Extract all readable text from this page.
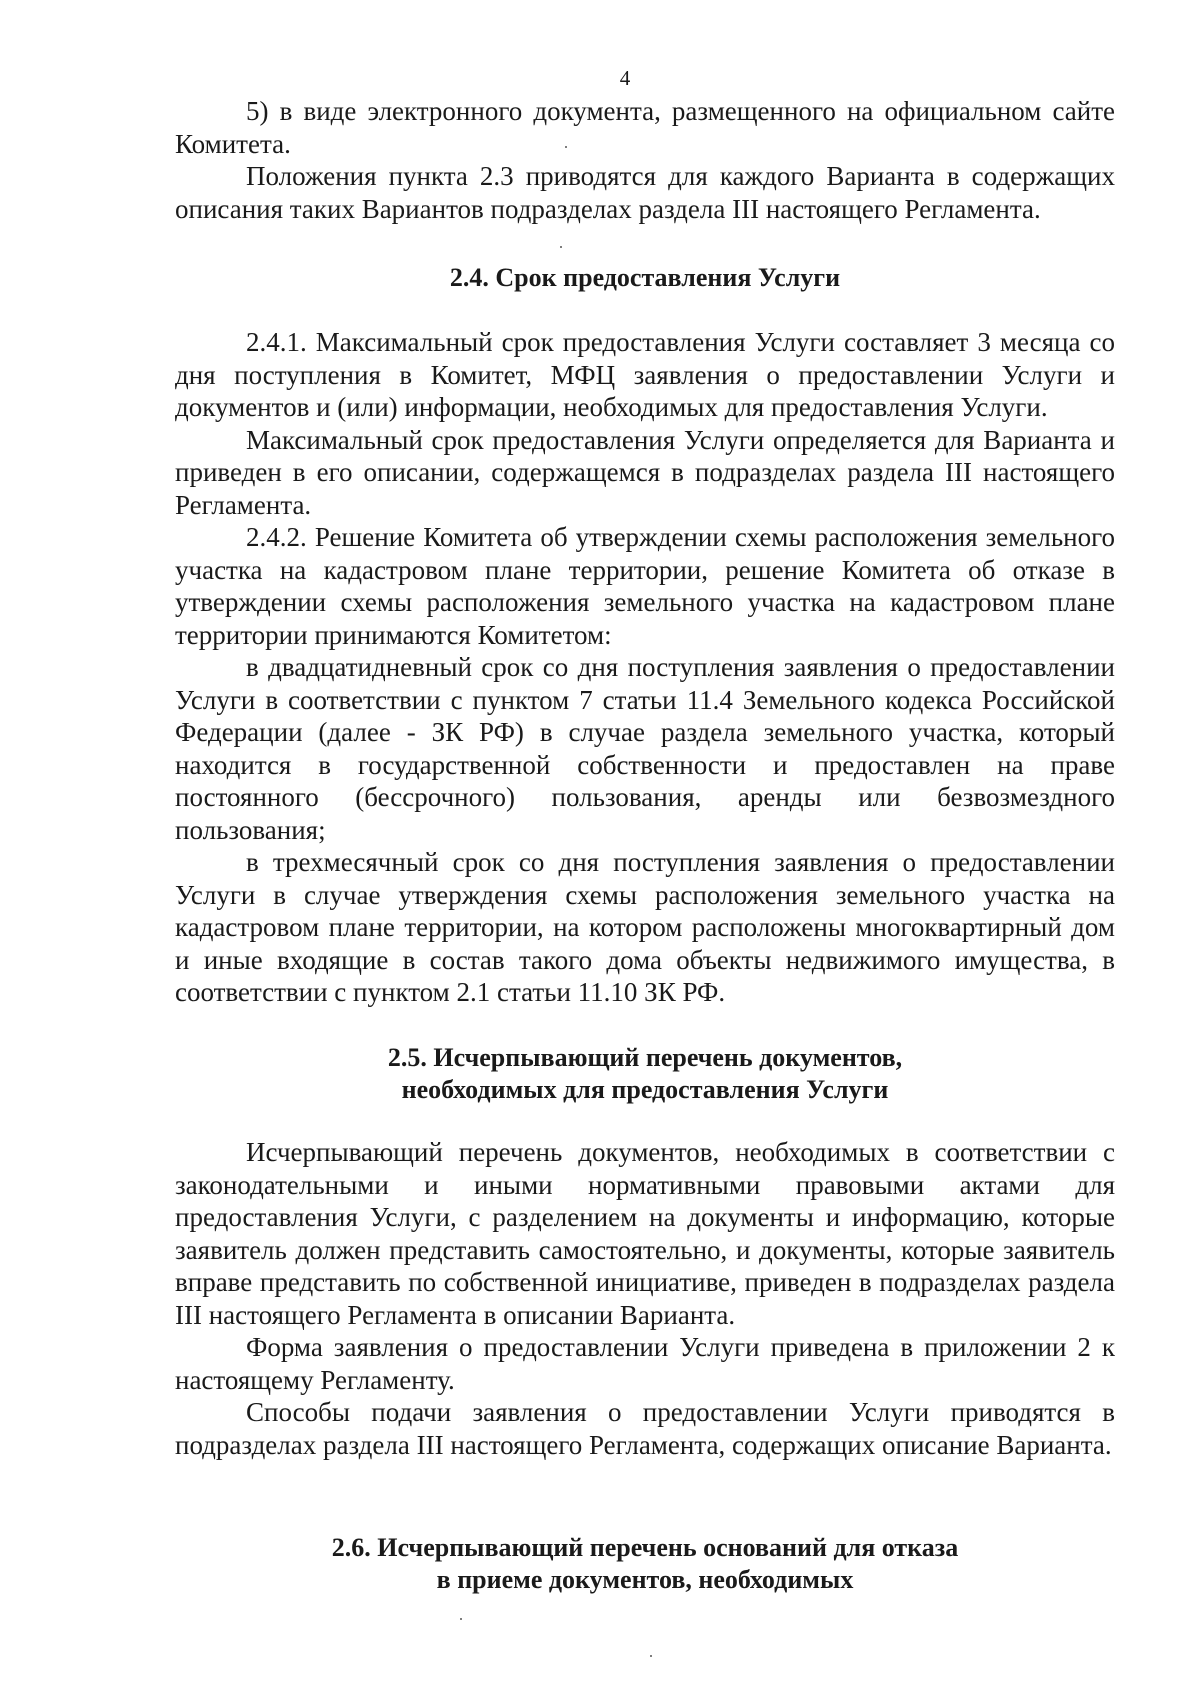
4

5) в виде электронного документа, размещенного на официальном сайте Комитета.

Положения пункта 2.3 приводятся для каждого Варианта в содержащих описания таких Вариантов подразделах раздела III настоящего Регламента.

2.4. Срок предоставления Услуги

2.4.1. Максимальный срок предоставления Услуги составляет 3 месяца со дня поступления в Комитет, МФЦ заявления о предоставлении Услуги и документов и (или) информации, необходимых для предоставления Услуги.

Максимальный срок предоставления Услуги определяется для Варианта и приведен в его описании, содержащемся в подразделах раздела III настоящего Регламента.

2.4.2. Решение Комитета об утверждении схемы расположения земельного участка на кадастровом плане территории, решение Комитета об отказе в утверждении схемы расположения земельного участка на кадастровом плане территории принимаются Комитетом:

в двадцатидневный срок со дня поступления заявления о предоставлении Услуги в соответствии с пунктом 7 статьи 11.4 Земельного кодекса Российской Федерации (далее - ЗК РФ) в случае раздела земельного участка, который находится в государственной собственности и предоставлен на праве постоянного (бессрочного) пользования, аренды или безвозмездного пользования;

в трехмесячный срок со дня поступления заявления о предоставлении Услуги в случае утверждения схемы расположения земельного участка на кадастровом плане территории, на котором расположены многоквартирный дом и иные входящие в состав такого дома объекты недвижимого имущества, в соответствии с пунктом 2.1 статьи 11.10 ЗК РФ.

2.5. Исчерпывающий перечень документов,
необходимых для предоставления Услуги

Исчерпывающий перечень документов, необходимых в соответствии с законодательными и иными нормативными правовыми актами для предоставления Услуги, с разделением на документы и информацию, которые заявитель должен представить самостоятельно, и документы, которые заявитель вправе представить по собственной инициативе, приведен в подразделах раздела III настоящего Регламента в описании Варианта.

Форма заявления о предоставлении Услуги приведена в приложении 2 к настоящему Регламенту.

Способы подачи заявления о предоставлении Услуги приводятся в подразделах раздела III настоящего Регламента, содержащих описание Варианта.

2.6. Исчерпывающий перечень оснований для отказа
в приеме документов, необходимых
